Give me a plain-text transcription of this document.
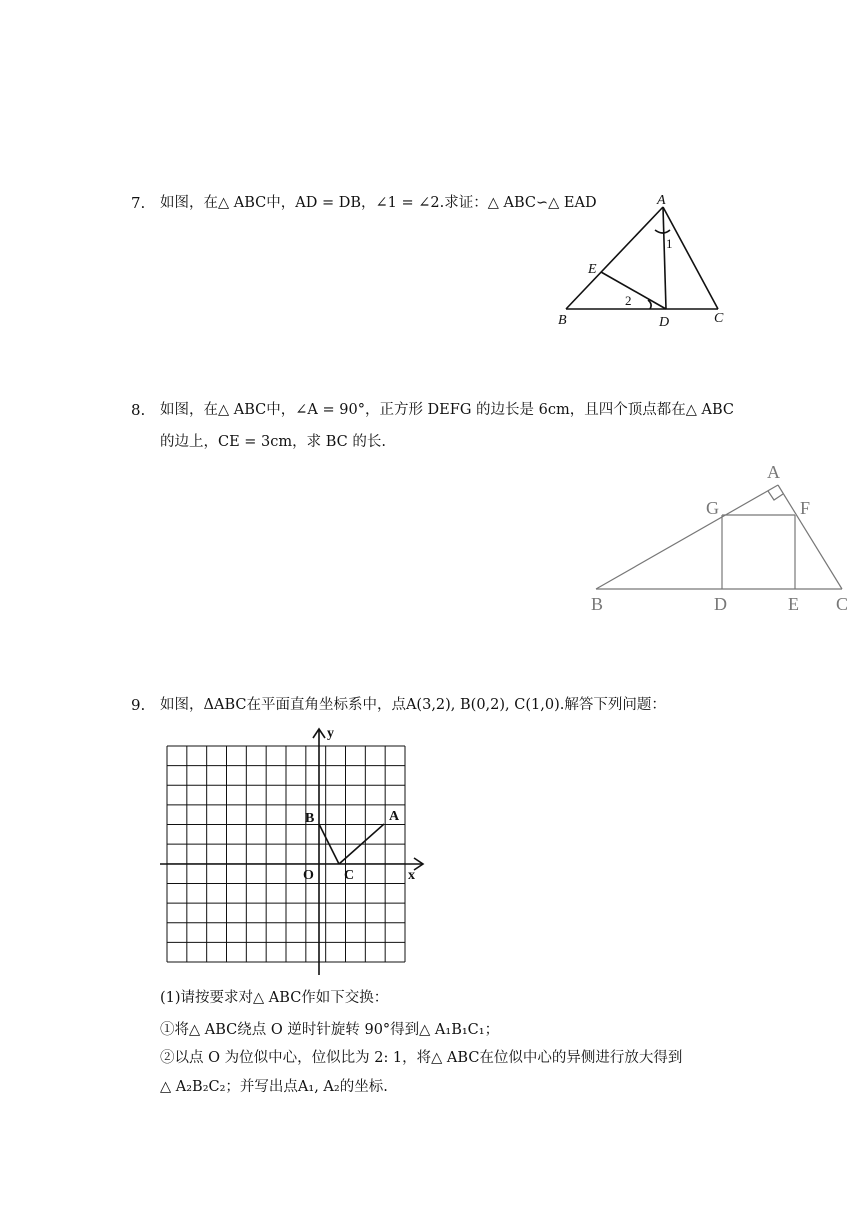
7. 如图，在△ ABC中，AD = DB，∠1 = ∠2.求证：△ ABC∽△ EAD	A
B	C
D
E
1
2
8. 如图，在△ ABC中，∠A = 90°，正方形 DEFG 的边长是 6cm，且四个顶点都在△ ABC
的边上，CE = 3cm，求 BC 的长.
A
G	F
B	D	E C
9. 如图，ΔABC在平面直角坐标系中，点A(3,2), B(0,2), C(1,0).解答下列问题：
y
x
O
B	A
C
(1)请按要求对△ ABC作如下交换：
①将△ ABC绕点 O 逆时针旋转 90°得到△ A₁B₁C₁；
②以点 O 为位似中心，位似比为 2: 1，将△ ABC在位似中心的异侧进行放大得到
△ A₂B₂C₂；并写出点A₁, A₂的坐标.
